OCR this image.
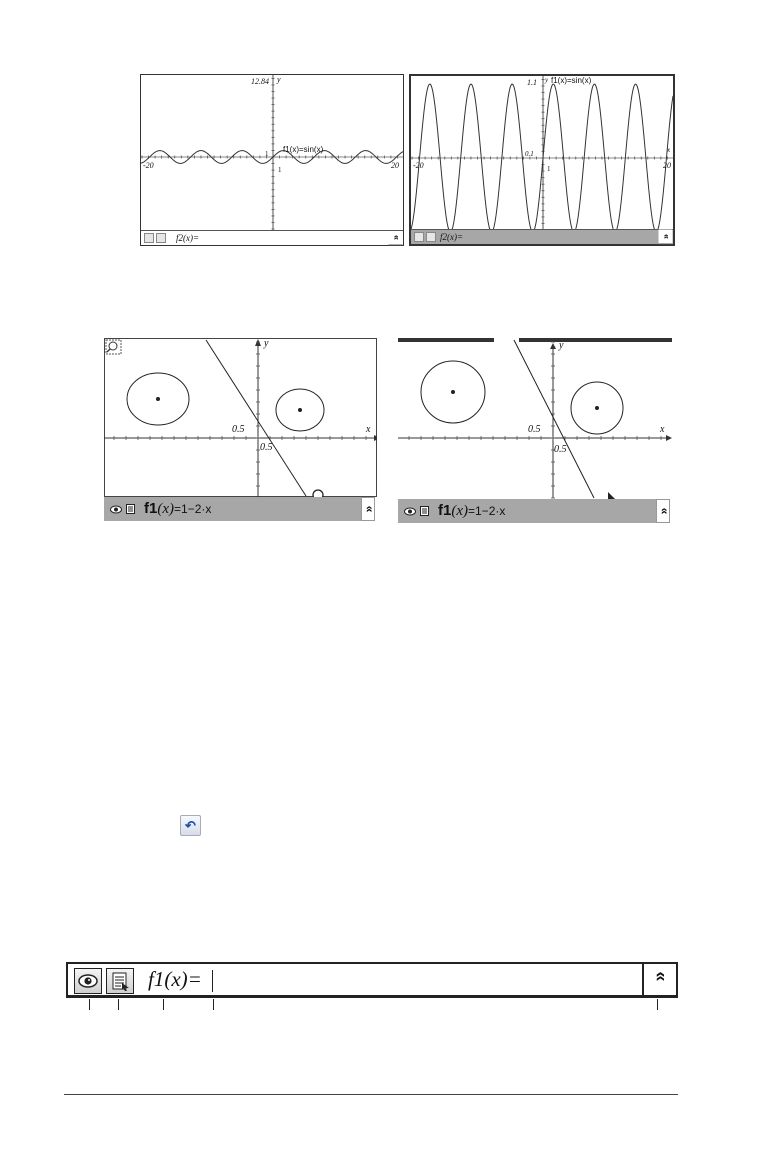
12.84 y
f1(x)=sin(x)
1
1
-20	20
f2(x)=	»
1.1 y f1(x)=sin(x)
0.1
1
-20	20
x
f2(x)=	»
y
x
0.5
0.5
f1(x)=1−2·x	»
y
x
0.5
0.5
f1(x)=1−2·x	»
↶
f1(x)=	»
